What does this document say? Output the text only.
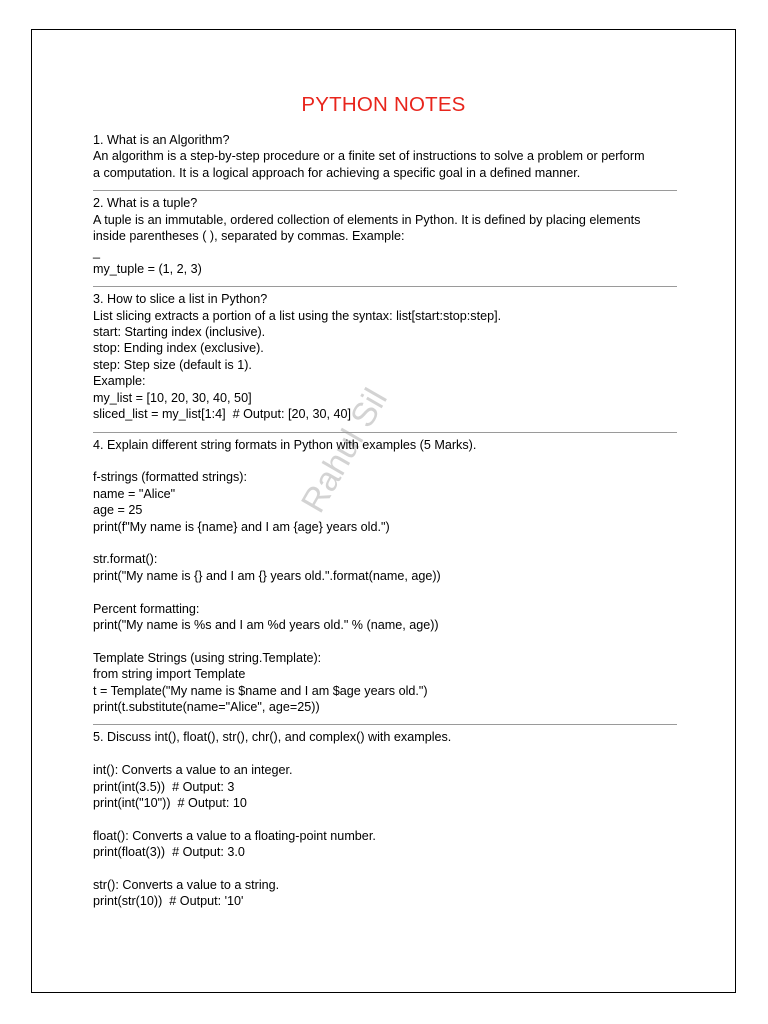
Rahul Sil
PYTHON NOTES
1. What is an Algorithm?
An algorithm is a step-by-step procedure or a finite set of instructions to solve a problem or perform
a computation. It is a logical approach for achieving a specific goal in a defined manner.
2. What is a tuple?
A tuple is an immutable, ordered collection of elements in Python. It is defined by placing elements
inside parentheses ( ), separated by commas. Example:
_
my_tuple = (1, 2, 3)
3. How to slice a list in Python?
List slicing extracts a portion of a list using the syntax: list[start:stop:step].
start: Starting index (inclusive).
stop: Ending index (exclusive).
step: Step size (default is 1).
Example:
my_list = [10, 20, 30, 40, 50]
sliced_list = my_list[1:4]  # Output: [20, 30, 40]
4. Explain different string formats in Python with examples (5 Marks).
f-strings (formatted strings):
name = "Alice"
age = 25
print(f"My name is {name} and I am {age} years old.")
str.format():
print("My name is {} and I am {} years old.".format(name, age))
Percent formatting:
print("My name is %s and I am %d years old." % (name, age))
Template Strings (using string.Template):
from string import Template
t = Template("My name is $name and I am $age years old.")
print(t.substitute(name="Alice", age=25))
5. Discuss int(), float(), str(), chr(), and complex() with examples.
int(): Converts a value to an integer.
print(int(3.5))  # Output: 3
print(int("10"))  # Output: 10
float(): Converts a value to a floating-point number.
print(float(3))  # Output: 3.0
str(): Converts a value to a string.
print(str(10))  # Output: '10'
